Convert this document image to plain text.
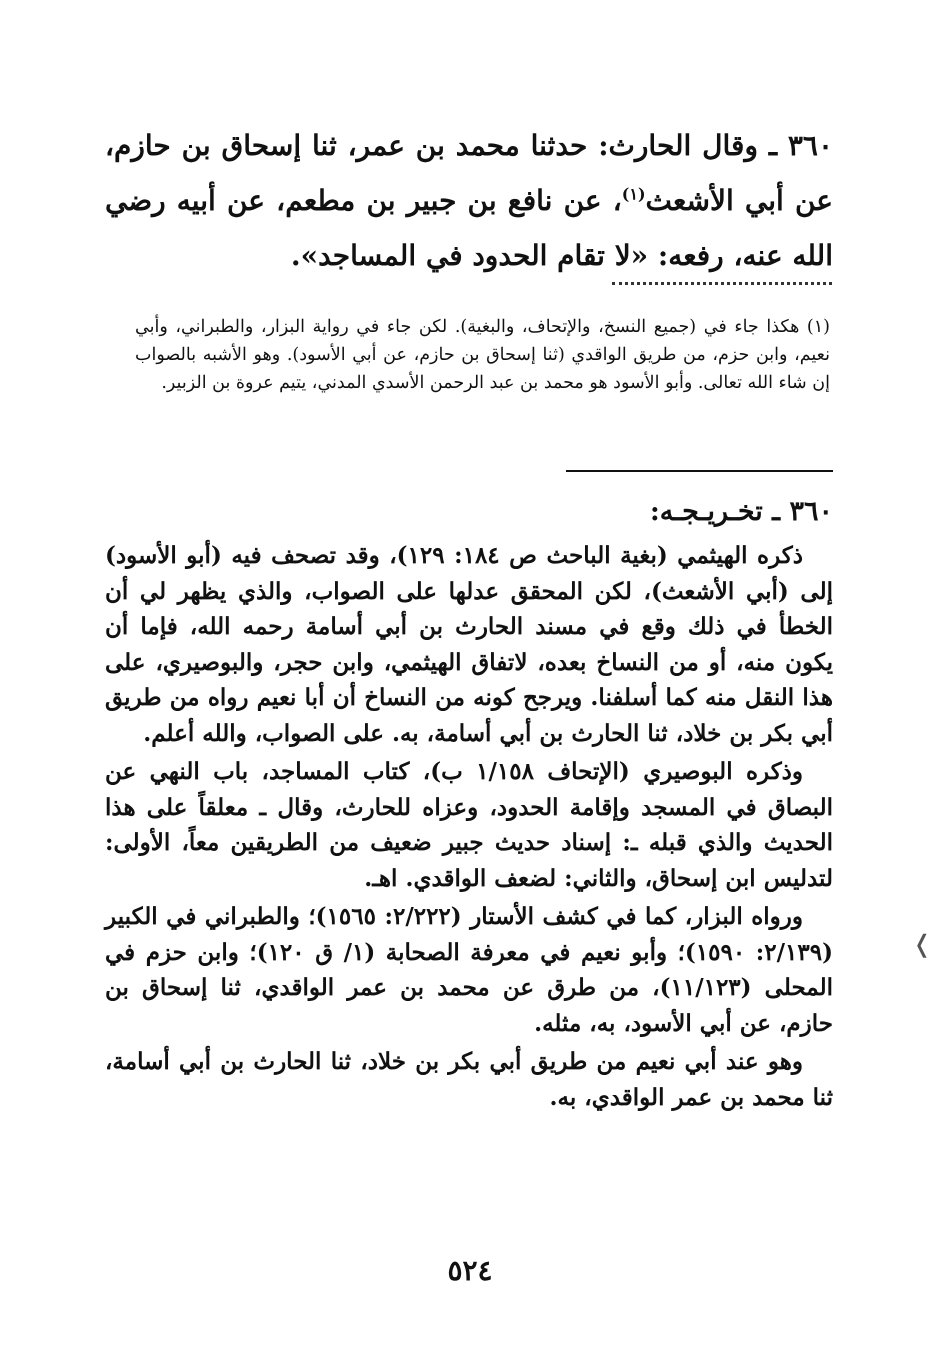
٣٦٠ ـ وقال الحارث: حدثنا محمد بن عمر، ثنا إسحاق بن حازم، عن أبي الأشعث$^{(١)}$، عن نافع بن جبير بن مطعم، عن أبيه رضي الله عنه، رفعه: «لا تقام الحدود في المساجد».
(١) هكذا جاء في (جميع النسخ، والإتحاف، والبغية). لكن جاء في رواية البزار، والطبراني، وأبي نعيم، وابن حزم، من طريق الواقدي (ثنا إسحاق بن حازم، عن أبي الأسود). وهو الأشبه بالصواب إن شاء الله تعالى. وأبو الأسود هو محمد بن عبد الرحمن الأسدي المدني، يتيم عروة بن الزبير.
٣٦٠ ـ تخـريـجـه:

ذكره الهيثمي (بغية الباحث ص ١٨٤: ١٢٩)، وقد تصحف فيه (أبو الأسود) إلى (أبي الأشعث)، لكن المحقق عدلها على الصواب، والذي يظهر لي أن الخطأ في ذلك وقع في مسند الحارث بن أبي أسامة رحمه الله، فإما أن يكون منه، أو من النساخ بعده، لاتفاق الهيثمي، وابن حجر، والبوصيري، على هذا النقل منه كما أسلفنا. ويرجح كونه من النساخ أن أبا نعيم رواه من طريق أبي بكر بن خلاد، ثنا الحارث بن أبي أسامة، به. على الصواب، والله أعلم.

وذكره البوصيري (الإتحاف ١/١٥٨ ب)، كتاب المساجد، باب النهي عن البصاق في المسجد وإقامة الحدود، وعزاه للحارث، وقال ـ معلقاً على هذا الحديث والذي قبله ـ: إسناد حديث جبير ضعيف من الطريقين معاً، الأولى: لتدليس ابن إسحاق، والثاني: لضعف الواقدي. اهـ.

ورواه البزار، كما في كشف الأستار (٢/٢٢٢: ١٥٦٥)؛ والطبراني في الكبير (٢/١٣٩: ١٥٩٠)؛ وأبو نعيم في معرفة الصحابة (١/ ق ١٢٠)؛ وابن حزم في المحلى (١١/١٢٣)، من طرق عن محمد بن عمر الواقدي، ثنا إسحاق بن حازم، عن أبي الأسود، به، مثله.

وهو عند أبي نعيم من طريق أبي بكر بن خلاد، ثنا الحارث بن أبي أسامة، ثنا محمد بن عمر الواقدي، به.

❬
٥٢٤
